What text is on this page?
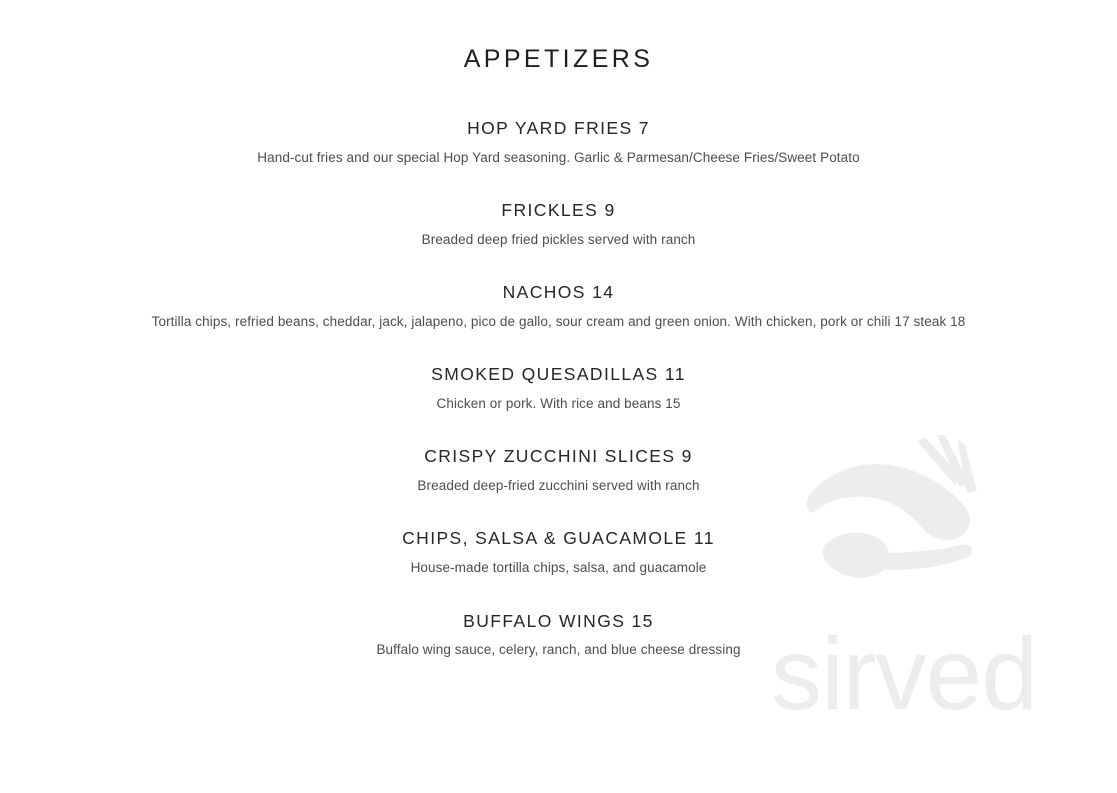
APPETIZERS
HOP YARD FRIES 7
Hand-cut fries and our special Hop Yard seasoning. Garlic & Parmesan/Cheese Fries/Sweet Potato
FRICKLES 9
Breaded deep fried pickles served with ranch
NACHOS 14
Tortilla chips, refried beans, cheddar, jack, jalapeno, pico de gallo, sour cream and green onion. With chicken, pork or chili 17 steak 18
SMOKED QUESADILLAS 11
Chicken or pork. With rice and beans 15
CRISPY ZUCCHINI SLICES 9
Breaded deep-fried zucchini served with ranch
CHIPS, SALSA & GUACAMOLE 11
House-made tortilla chips, salsa, and guacamole
BUFFALO WINGS 15
Buffalo wing sauce, celery, ranch, and blue cheese dressing sirved
